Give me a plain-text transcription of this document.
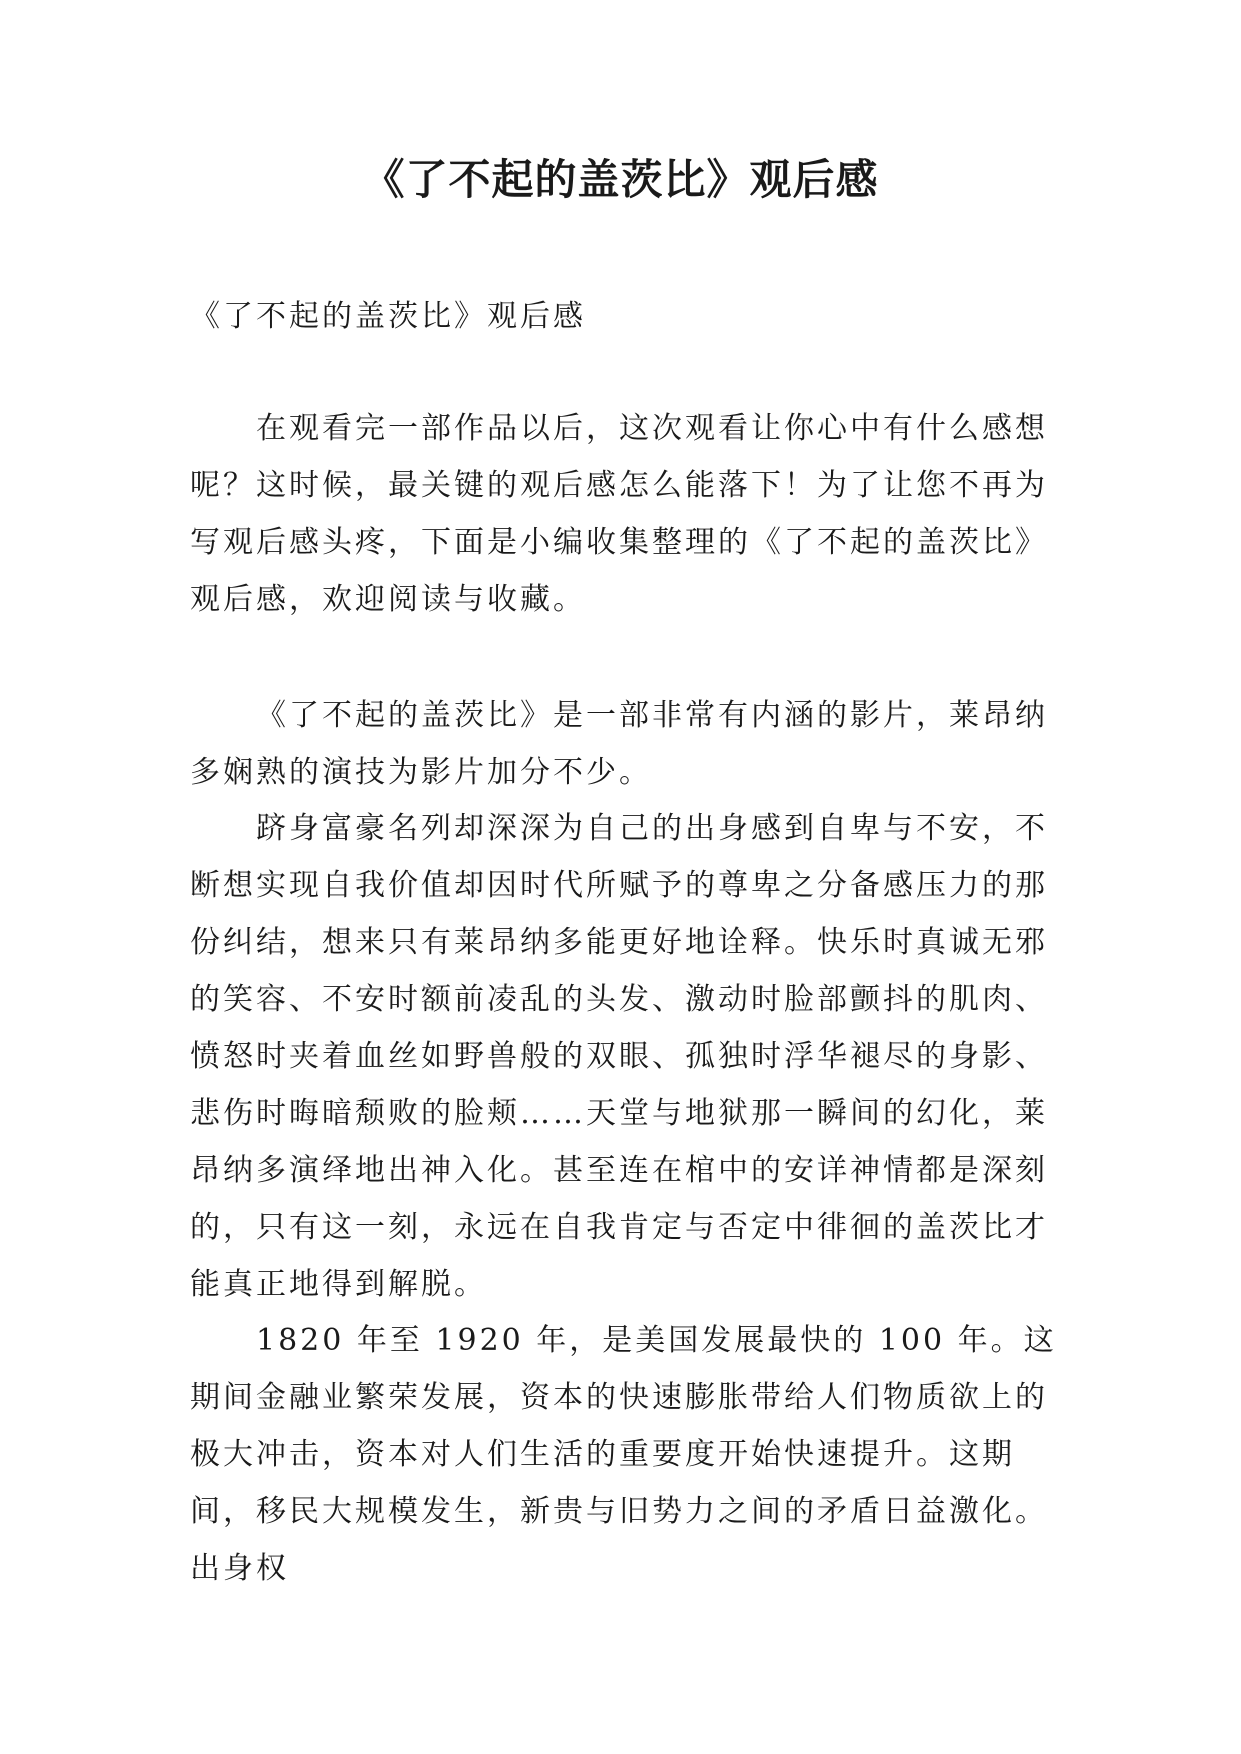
《了不起的盖茨比》观后感

《了不起的盖茨比》观后感

在观看完一部作品以后，这次观看让你心中有什么感想呢？这时候，最关键的观后感怎么能落下！为了让您不再为写观后感头疼，下面是小编收集整理的《了不起的盖茨比》观后感，欢迎阅读与收藏。

《了不起的盖茨比》是一部非常有内涵的影片，莱昂纳多娴熟的演技为影片加分不少。

跻身富豪名列却深深为自己的出身感到自卑与不安，不断想实现自我价值却因时代所赋予的尊卑之分备感压力的那份纠结，想来只有莱昂纳多能更好地诠释。快乐时真诚无邪的笑容、不安时额前凌乱的头发、激动时脸部颤抖的肌肉、愤怒时夹着血丝如野兽般的双眼、孤独时浮华褪尽的身影、悲伤时晦暗颓败的脸颊……天堂与地狱那一瞬间的幻化，莱昂纳多演绎地出神入化。甚至连在棺中的安详神情都是深刻的，只有这一刻，永远在自我肯定与否定中徘徊的盖茨比才能真正地得到解脱。

1820 年至 1920 年，是美国发展最快的 100 年。这期间金融业繁荣发展，资本的快速膨胀带给人们物质欲上的极大冲击，资本对人们生活的重要度开始快速提升。这期间，移民大规模发生，新贵与旧势力之间的矛盾日益激化。出身权
